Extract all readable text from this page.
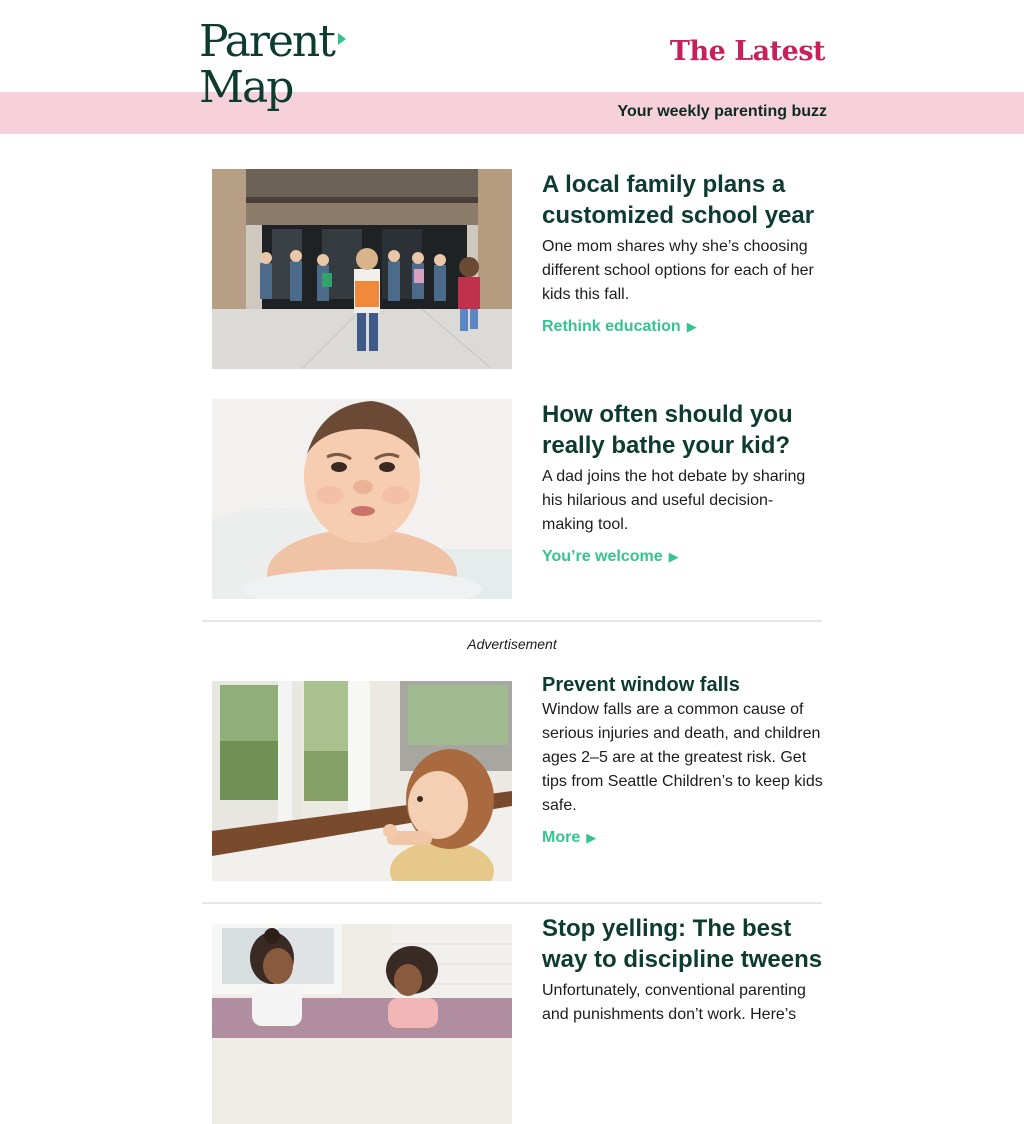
Parent
Map
The Latest
Your weekly parenting buzz
A local family plans a customized school year

One mom shares why she’s choosing different school options for each of her kids this fall.

Rethink education ▶
How often should you really bathe your kid?

A dad joins the hot debate by sharing his hilarious and useful decision-making tool.

You’re welcome ▶
Advertisement
Prevent window falls

Window falls are a common cause of serious injuries and death, and children ages 2–5 are at the greatest risk. Get tips from Seattle Children’s to keep kids safe.

More ▶
Stop yelling: The best way to discipline tweens

Unfortunately, conventional parenting and punishments don’t work. Here’s
